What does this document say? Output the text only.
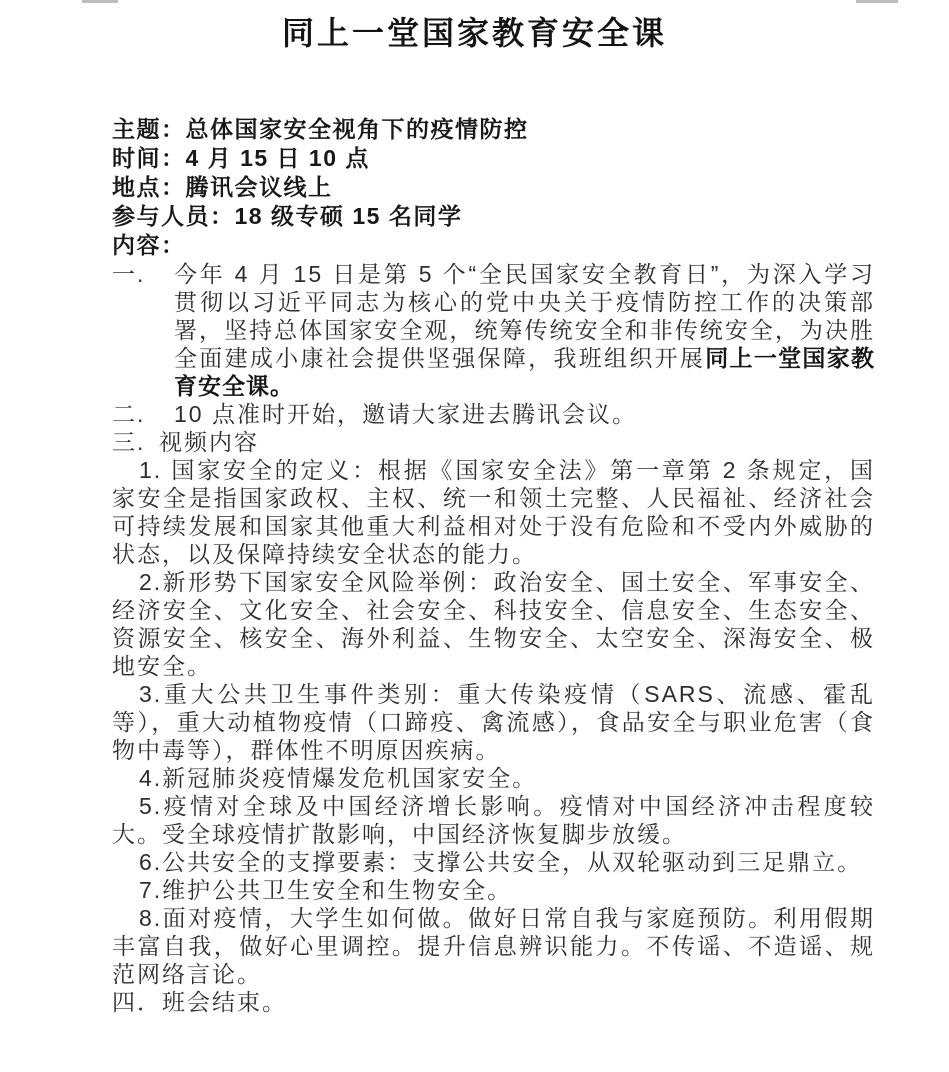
同上一堂国家教育安全课
主题：总体国家安全视角下的疫情防控
时间：4 月 15 日 10 点
地点：腾讯会议线上
参与人员：18 级专硕 15 名同学
内容：
一.	今年 4 月 15 日是第 5 个“全民国家安全教育日”，为深入学习贯彻以习近平同志为核心的党中央关于疫情防控工作的决策部署，坚持总体国家安全观，统筹传统安全和非传统安全，为决胜全面建成小康社会提供坚强保障，我班组织开展同上一堂国家教育安全课。
二.	10 点准时开始，邀请大家进去腾讯会议。
三. 视频内容

1. 国家安全的定义：根据《国家安全法》第一章第 2 条规定，国家安全是指国家政权、主权、统一和领土完整、人民福祉、经济社会可持续发展和国家其他重大利益相对处于没有危险和不受内外威胁的状态，以及保障持续安全状态的能力。

2.新形势下国家安全风险举例：政治安全、国土安全、军事安全、经济安全、文化安全、社会安全、科技安全、信息安全、生态安全、资源安全、核安全、海外利益、生物安全、太空安全、深海安全、极地安全。

3.重大公共卫生事件类别：重大传染疫情（SARS、流感、霍乱等），重大动植物疫情（口蹄疫、禽流感），食品安全与职业危害（食物中毒等），群体性不明原因疾病。

4.新冠肺炎疫情爆发危机国家安全。

5.疫情对全球及中国经济增长影响。疫情对中国经济冲击程度较大。受全球疫情扩散影响，中国经济恢复脚步放缓。

6.公共安全的支撑要素：支撑公共安全，从双轮驱动到三足鼎立。

7.维护公共卫生安全和生物安全。

8.面对疫情，大学生如何做。做好日常自我与家庭预防。利用假期丰富自我，做好心里调控。提升信息辨识能力。不传谣、不造谣、规范网络言论。

四． 班会结束。
